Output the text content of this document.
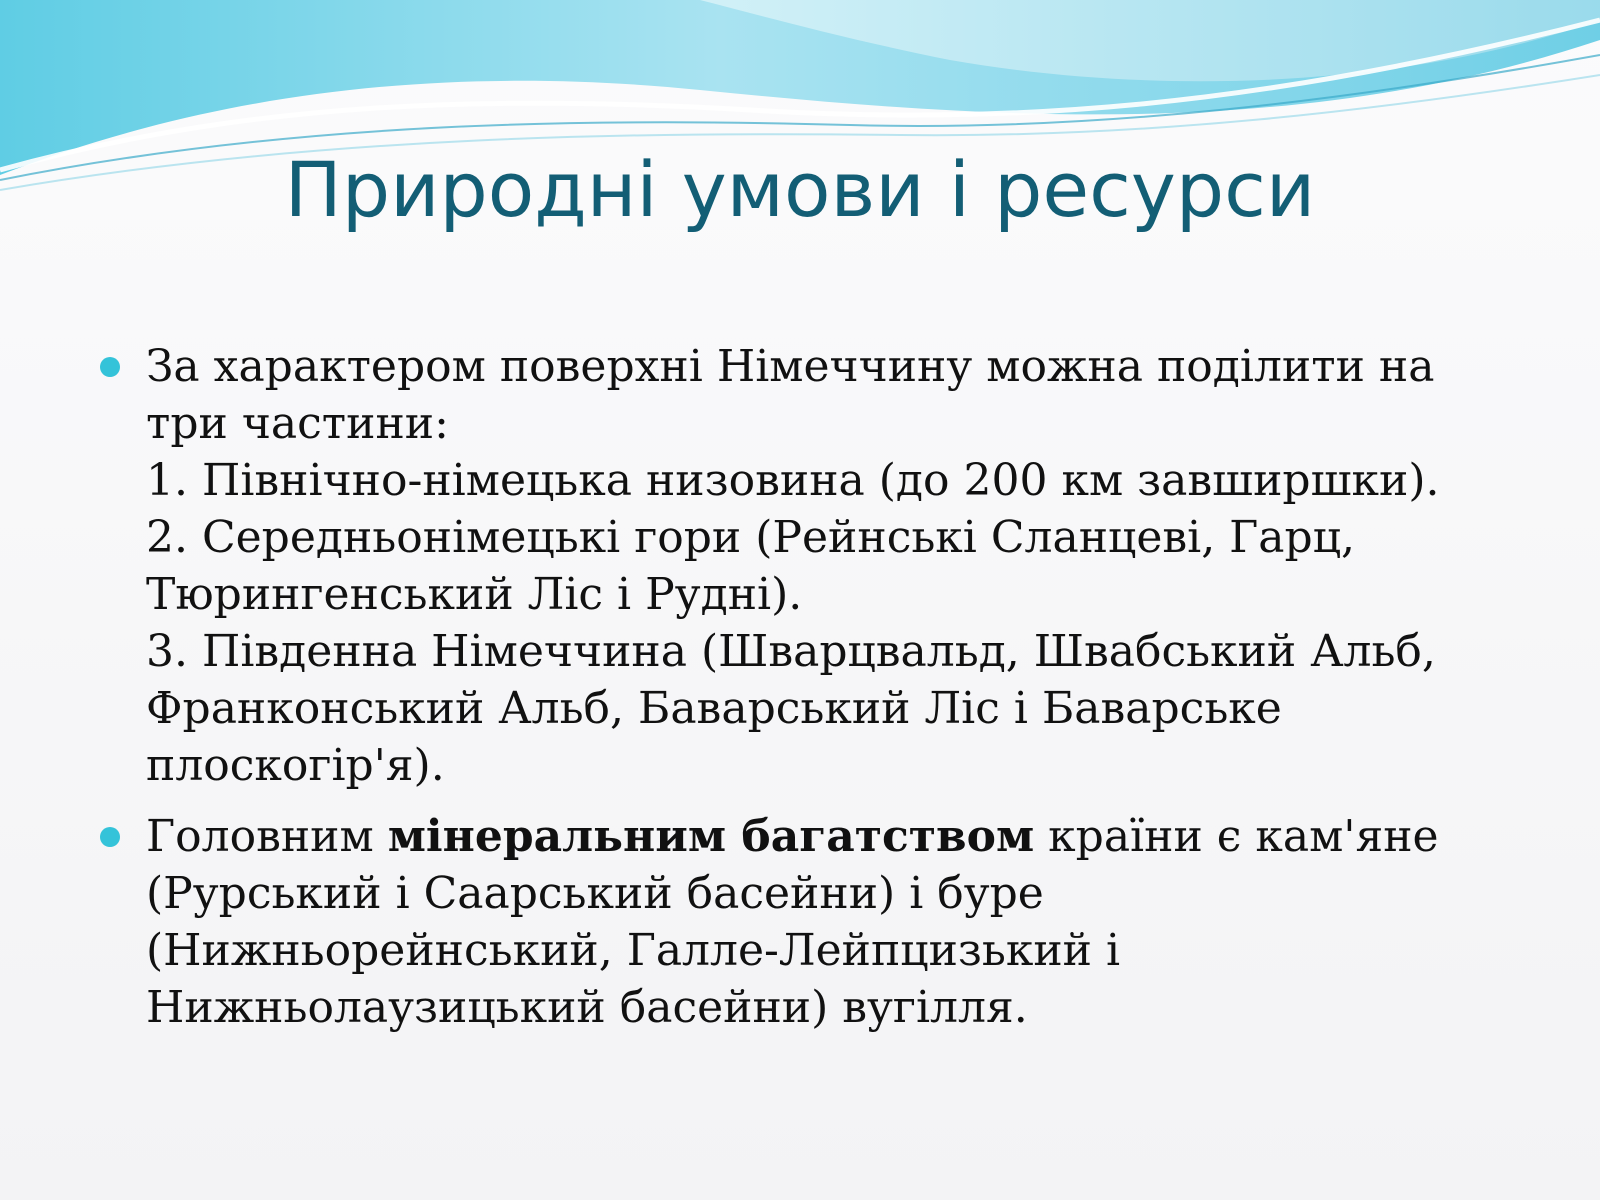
Природні умови і ресурси
За характером поверхні Німеччину можна поділити на
три частини:
1. Північно-німецька низовина (до 200 км завширшки).
2. Середньонімецькі гори (Рейнські Сланцеві, Гарц,
Тюрингенський Ліс і Рудні).
3. Південна Німеччина (Шварцвальд, Швабський Альб,
Франконський Альб, Баварський Ліс і Баварське
плоскогір'я).
Головним мінеральним багатством країни є кам'яне
(Рурський і Саарський басейни) і буре
(Нижньорейнський, Галле-Лейпцизький і
Нижньолаузицький басейни) вугілля.
